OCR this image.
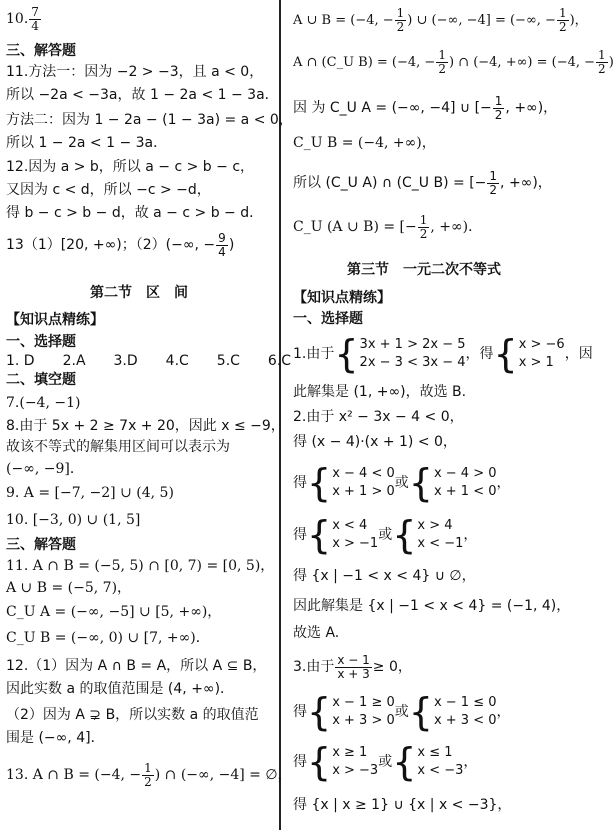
10. $\frac{7}{4}$
三、解答题
11.方法一：因为 −2 > −3，且 a < 0，
所以 −2a < −3a，故 1 − 2a < 1 − 3a．
方法二：因为 1 − 2a − (1 − 3a) = a < 0，
所以 1 − 2a < 1 − 3a．
12.因为 a > b，所以 a − c > b − c，
又因为 c < d，所以 −c > −d，
得 b − c > b − d，故 a − c > b − d．
13（1）[20, +∞)；（2）(−∞, − $\frac{9}{4}$ )
第二节　区　间
【知识点精练】
一、选择题
1. D　　2.A　　3.D　　4.C　　5.C　　6.C
二、填空题
7.(−4, −1)
8.由于 5x + 2 ≥ 7x + 20，因此 x ≤ −9，
故该不等式的解集用区间可以表示为
(−∞, −9]．
9. A = [−7, −2] ∪ (4, 5)
10. [−3, 0) ∪ (1, 5]
三、解答题
11. A ∩ B = (−5, 5) ∩ [0, 7) = [0, 5)，
A ∪ B = (−5, 7)，
C_U A = (−∞, −5] ∪ [5, +∞)，
C_U B = (−∞, 0) ∪ [7, +∞)．
12.（1）因为 A ∩ B = A，所以 A ⊆ B，
因此实数 a 的取值范围是 (4, +∞)．
（2）因为 A ⊋ B，所以实数 a 的取值范
围是 (−∞, 4]．
13. A ∩ B = (−4, − $\frac{1}{2}$ ) ∩ (−∞, −4] = ∅，
A ∪ B = (−4, − $\frac{1}{2}$ ) ∪ (−∞, −4] = (−∞, − $\frac{1}{2}$ )，
A ∩ (C_U B) = (−4, − $\frac{1}{2}$ ) ∩ (−4, +∞) = (−4, − $\frac{1}{2}$ )
因 为 C_U A = (−∞, −4] ∪ [− $\frac{1}{2}$ , +∞)，
C_U B = (−4, +∞)，
所以 (C_U A) ∩ (C_U B) = [− $\frac{1}{2}$ , +∞)，
C_U (A ∪ B) = [− $\frac{1}{2}$ , +∞)．
第三节　一元二次不等式
【知识点精练】
一、选择题
1.由于 { 3x + 1 > 2x − 5
2x − 3 < 3x − 4
，得 { x > −6
x > 1
，因
此解集是 (1, +∞)，故选 B.
2.由于 x² − 3x − 4 < 0，
得 (x − 4)·(x + 1) < 0，
得 { x − 4 < 0
x + 1 > 0
或 { x − 4 > 0
x + 1 < 0
，
得 { x < 4
x > −1
或 { x > 4
x < −1
，
得 {x | −1 < x < 4} ∪ ∅，
因此解集是 {x | −1 < x < 4} = (−1, 4)，
故选 A.
3.由于 $\frac{x - 1}{x + 3} \ge 0$，
得 { x − 1 ≥ 0
x + 3 > 0
或 { x − 1 ≤ 0
x + 3 < 0
，
得 { x ≥ 1
x > −3
或 { x ≤ 1
x < −3
，
得 {x | x ≥ 1} ∪ {x | x < −3}，
